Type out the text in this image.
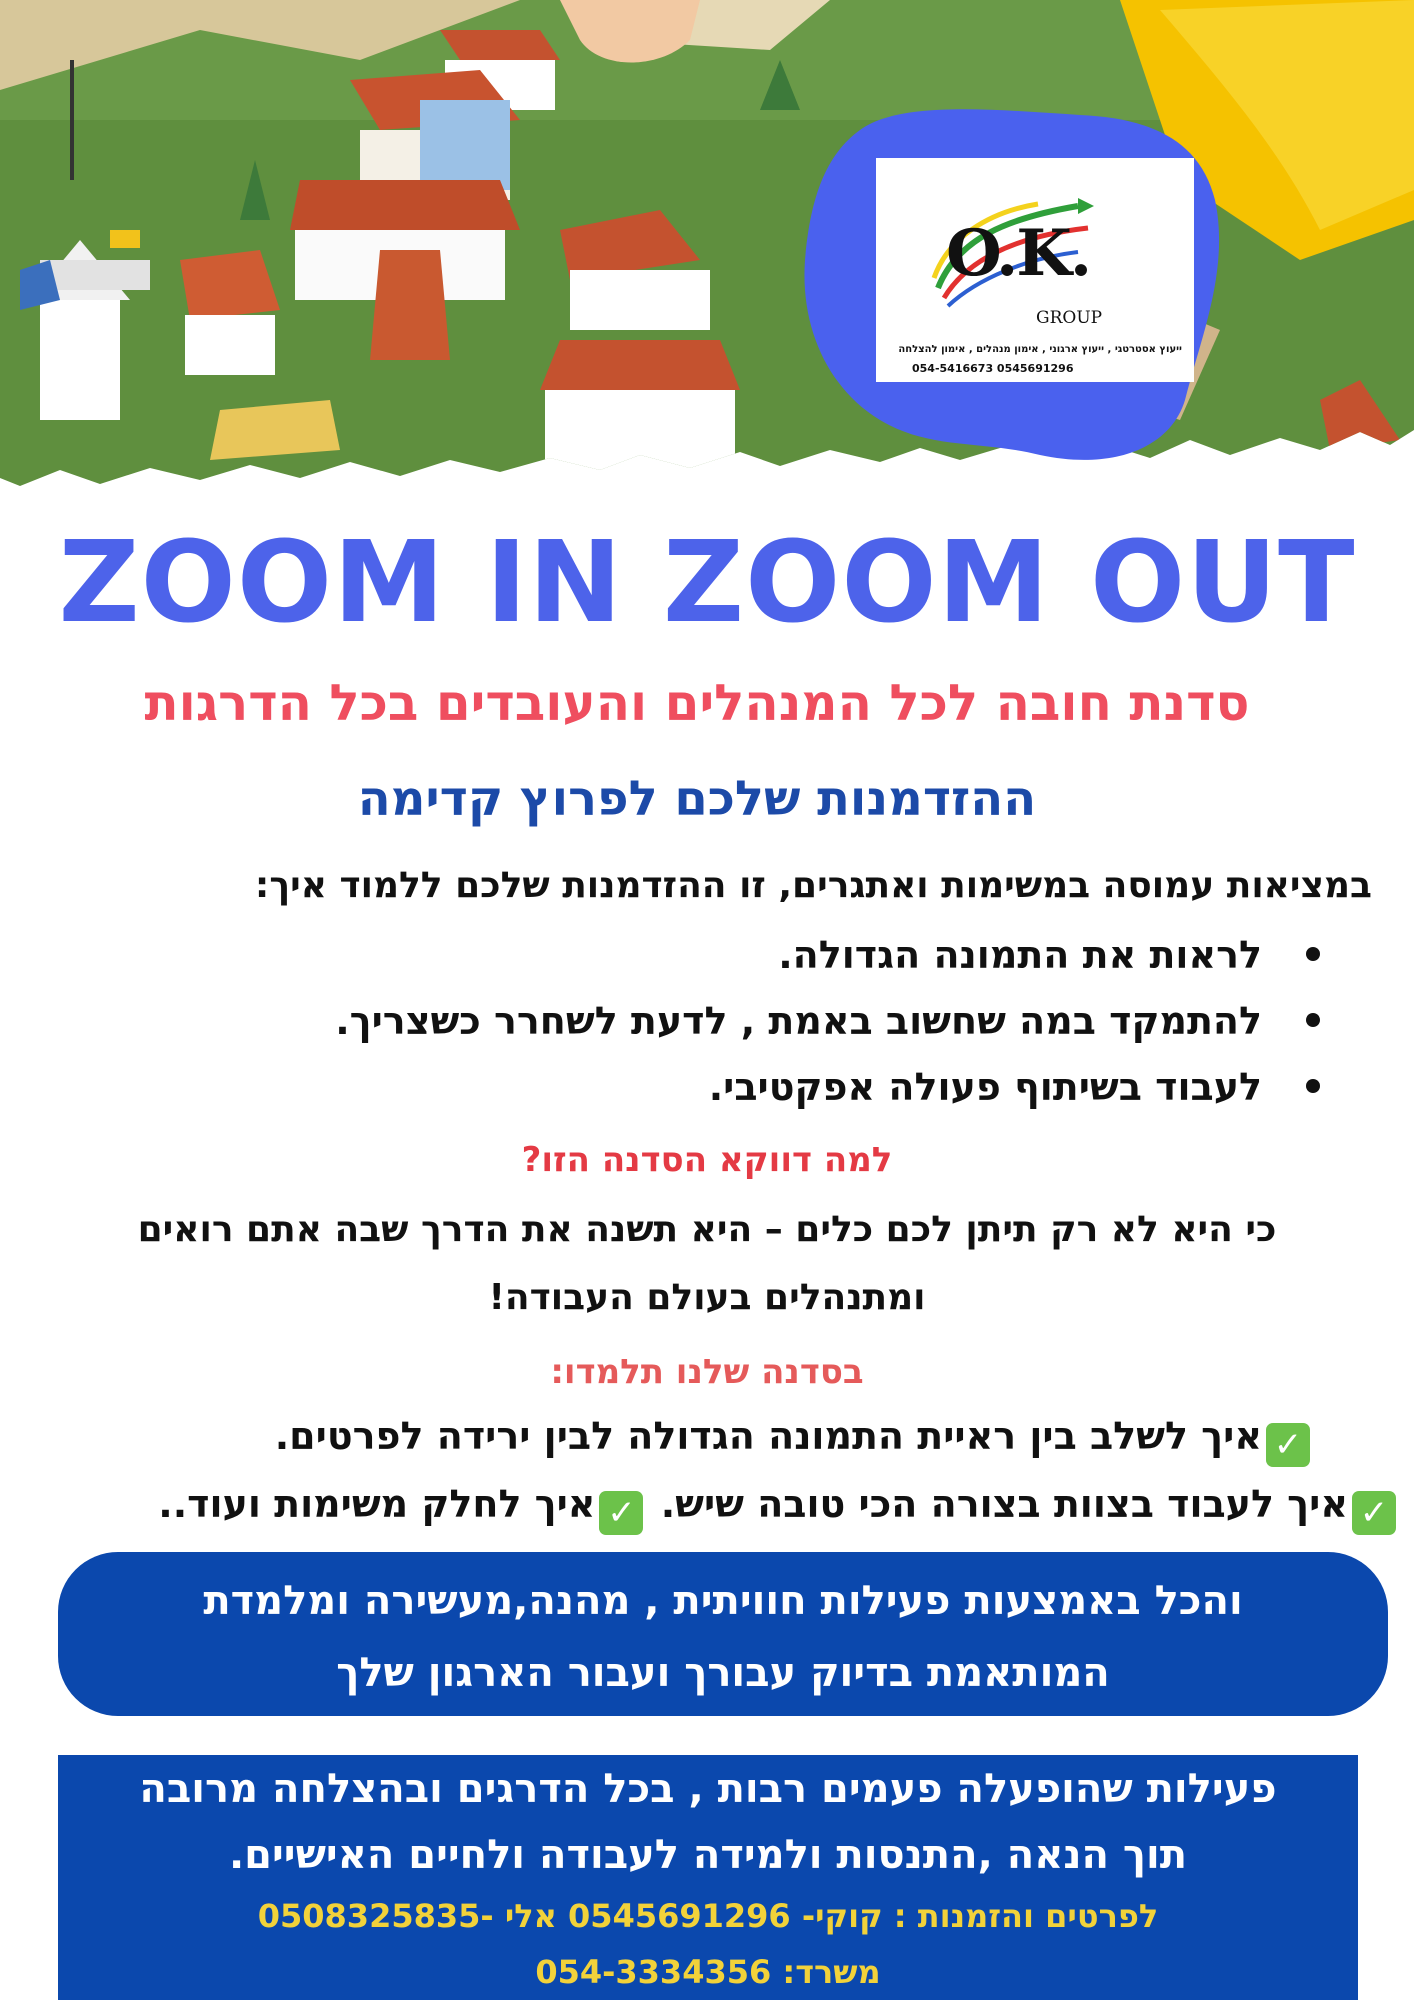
O.K.
GROUP
ייעוץ אסטרטגי , ייעוץ ארגוני , אימון מנהלים , אימון להצלחה
054-5416673 0545691296
ZOOM IN ZOOM OUT
סדנת חובה לכל המנהלים והעובדים בכל הדרגות
ההזדמנות שלכם לפרוץ קדימה
במציאות עמוסה במשימות ואתגרים, זו ההזדמנות שלכם ללמוד איך:
לראות את התמונה הגדולה.
להתמקד במה שחשוב באמת , לדעת לשחרר כשצריך.
לעבוד בשיתוף פעולה אפקטיבי.
למה דווקא הסדנה הזו?
כי היא לא רק תיתן לכם כלים – היא תשנה את הדרך שבה אתם רואים
ומתנהלים בעולם העבודה!
בסדנה שלנו תלמדו:
✓איך לשלב בין ראיית התמונה הגדולה לבין ירידה לפרטים.
✓איך לעבוד בצוות בצורה הכי טובה שיש. ✓איך לחלק משימות ועוד..
והכל באמצעות פעילות חוויתית , מהנה,מעשירה ומלמדת
המותאמת בדיוק עבורך ועבור הארגון שלך
פעילות שהופעלה פעמים רבות , בכל הדרגים ובהצלחה מרובה
תוך הנאה ,התנסות ולמידה לעבודה ולחיים האישיים.
לפרטים והזמנות : קוקי- 0545691296 אלי -0508325835
משרד: 054-3334356
